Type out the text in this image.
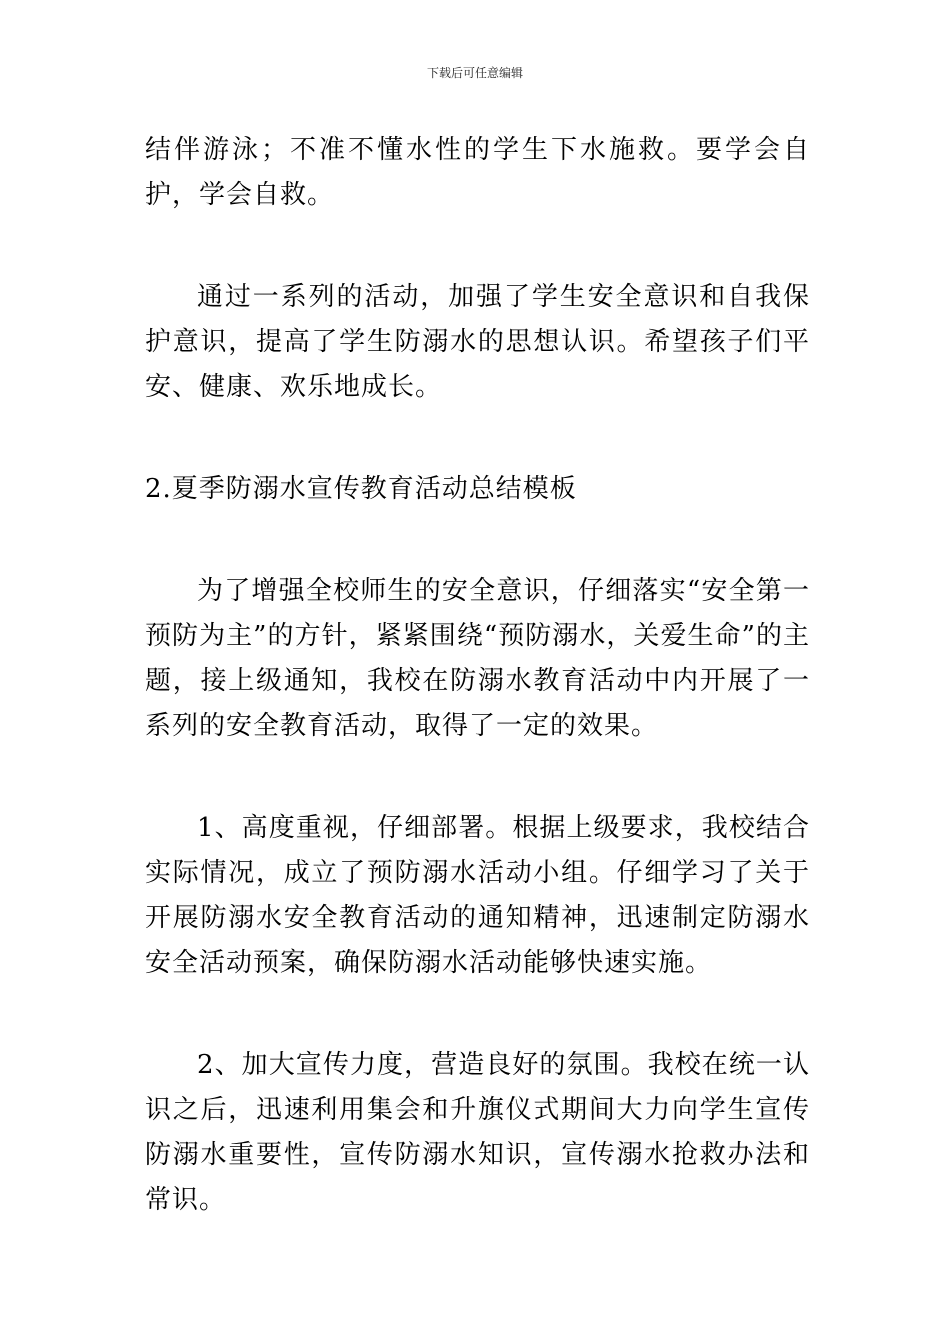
下载后可任意编辑

结伴游泳；不准不懂水性的学生下水施救。要学会自护，学会自救。

通过一系列的活动，加强了学生安全意识和自我保护意识，提高了学生防溺水的思想认识。希望孩子们平安、健康、欢乐地成长。

2.夏季防溺水宣传教育活动总结模板

为了增强全校师生的安全意识，仔细落实“安全第一预防为主”的方针，紧紧围绕“预防溺水，关爱生命”的主题，接上级通知，我校在防溺水教育活动中内开展了一系列的安全教育活动，取得了一定的效果。

1、高度重视，仔细部署。根据上级要求，我校结合实际情况，成立了预防溺水活动小组。仔细学习了关于开展防溺水安全教育活动的通知精神，迅速制定防溺水安全活动预案，确保防溺水活动能够快速实施。

2、加大宣传力度，营造良好的氛围。我校在统一认识之后，迅速利用集会和升旗仪式期间大力向学生宣传防溺水重要性，宣传防溺水知识，宣传溺水抢救办法和常识。
